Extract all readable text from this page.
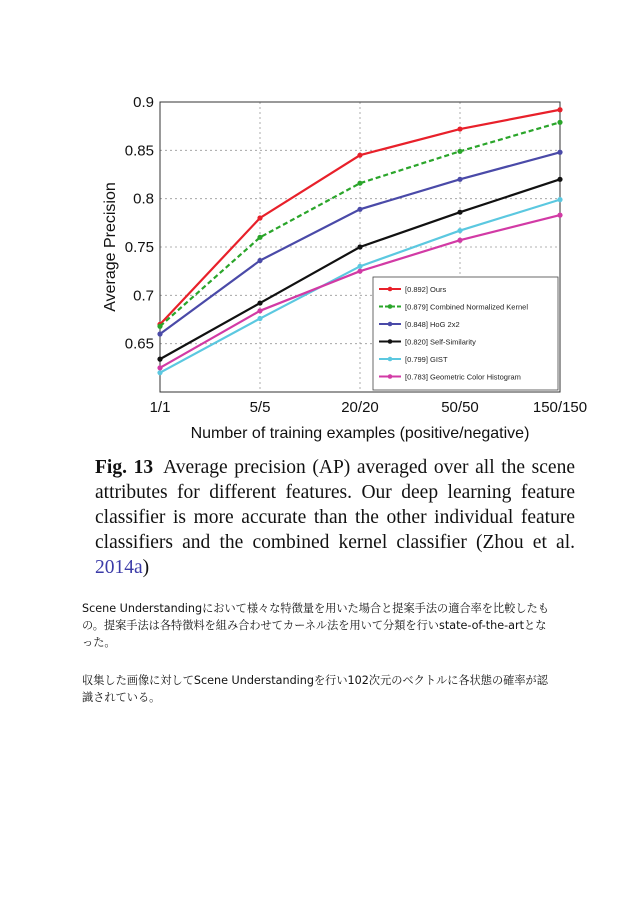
0.65
0.7
0.75
0.8
0.85
0.9
1/1	5/5	20/20	50/50	150/150
Average Precision
Number of training examples (positive/negative)
[0.892] Ours
[0.879] Combined Normalized Kernel
[0.848] HoG 2x2
[0.820] Self-Similarity
[0.799] GIST
[0.783] Geometric Color Histogram
Fig. 13 Average precision (AP) averaged over all the scene attributes for different features. Our deep learning feature classifier is more accurate than the other individual feature classifiers and the combined kernel classifier (Zhou et al. 2014a)
Scene Understandingにおいて様々な特徴量を用いた場合と提案手法の適合率を比較したもの。提案手法は各特徴料を組み合わせてカーネル法を用いて分類を行いstate-of-the-artとなった。
収集した画像に対してScene Understandingを行い102次元のベクトルに各状態の確率が認識されている。
